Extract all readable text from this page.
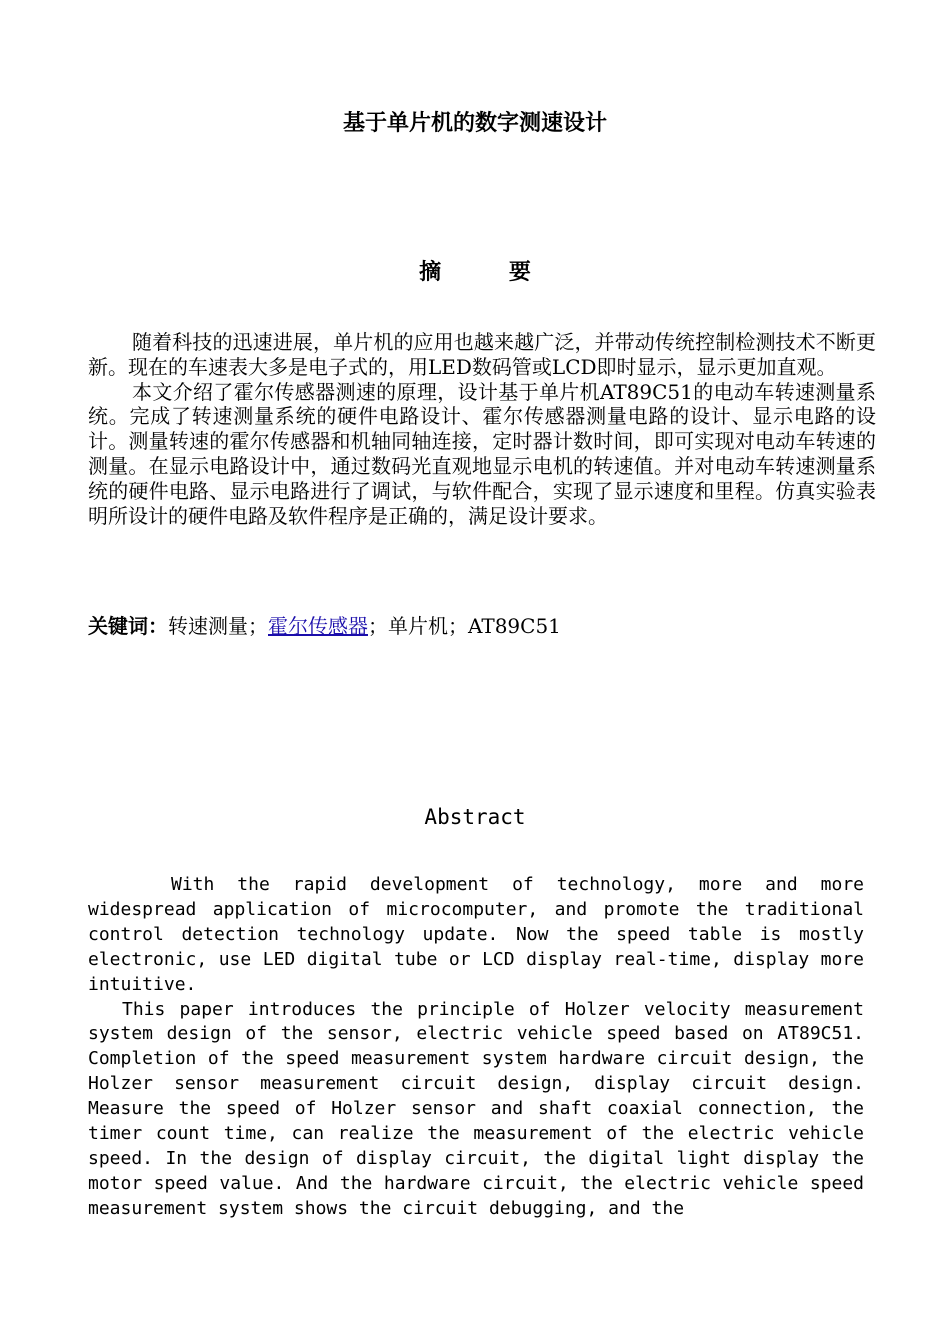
基于单片机的数字测速设计
摘 要

随着科技的迅速进展，单片机的应用也越来越广泛，并带动传统控制检测技术不断更新。现在的车速表大多是电子式的，用LED数码管或LCD即时显示，显示更加直观。

本文介绍了霍尔传感器测速的原理，设计基于单片机AT89C51的电动车转速测量系统。完成了转速测量系统的硬件电路设计、霍尔传感器测量电路的设计、显示电路的设计。测量转速的霍尔传感器和机轴同轴连接，定时器计数时间，即可实现对电动车转速的测量。在显示电路设计中，通过数码光直观地显示电机的转速值。并对电动车转速测量系统的硬件电路、显示电路进行了调试，与软件配合，实现了显示速度和里程。仿真实验表明所设计的硬件电路及软件程序是正确的，满足设计要求。

关键词：转速测量；霍尔传感器；单片机；AT89C51
Abstract

With the rapid development of technology, more and more widespread application of microcomputer, and promote the traditional control detection technology update. Now the speed table is mostly electronic, use LED digital tube or LCD display real-time, display more intuitive.

This paper introduces the principle of Holzer velocity measurement system design of the sensor, electric vehicle speed based on AT89C51. Completion of the speed measurement system hardware circuit design, the Holzer sensor measurement circuit design, display circuit design. Measure the speed of Holzer sensor and shaft coaxial connection, the timer count time, can realize the measurement of the electric vehicle speed. In the design of display circuit, the digital light display the motor speed value. And the hardware circuit, the electric vehicle speed measurement system shows the circuit debugging, and the
